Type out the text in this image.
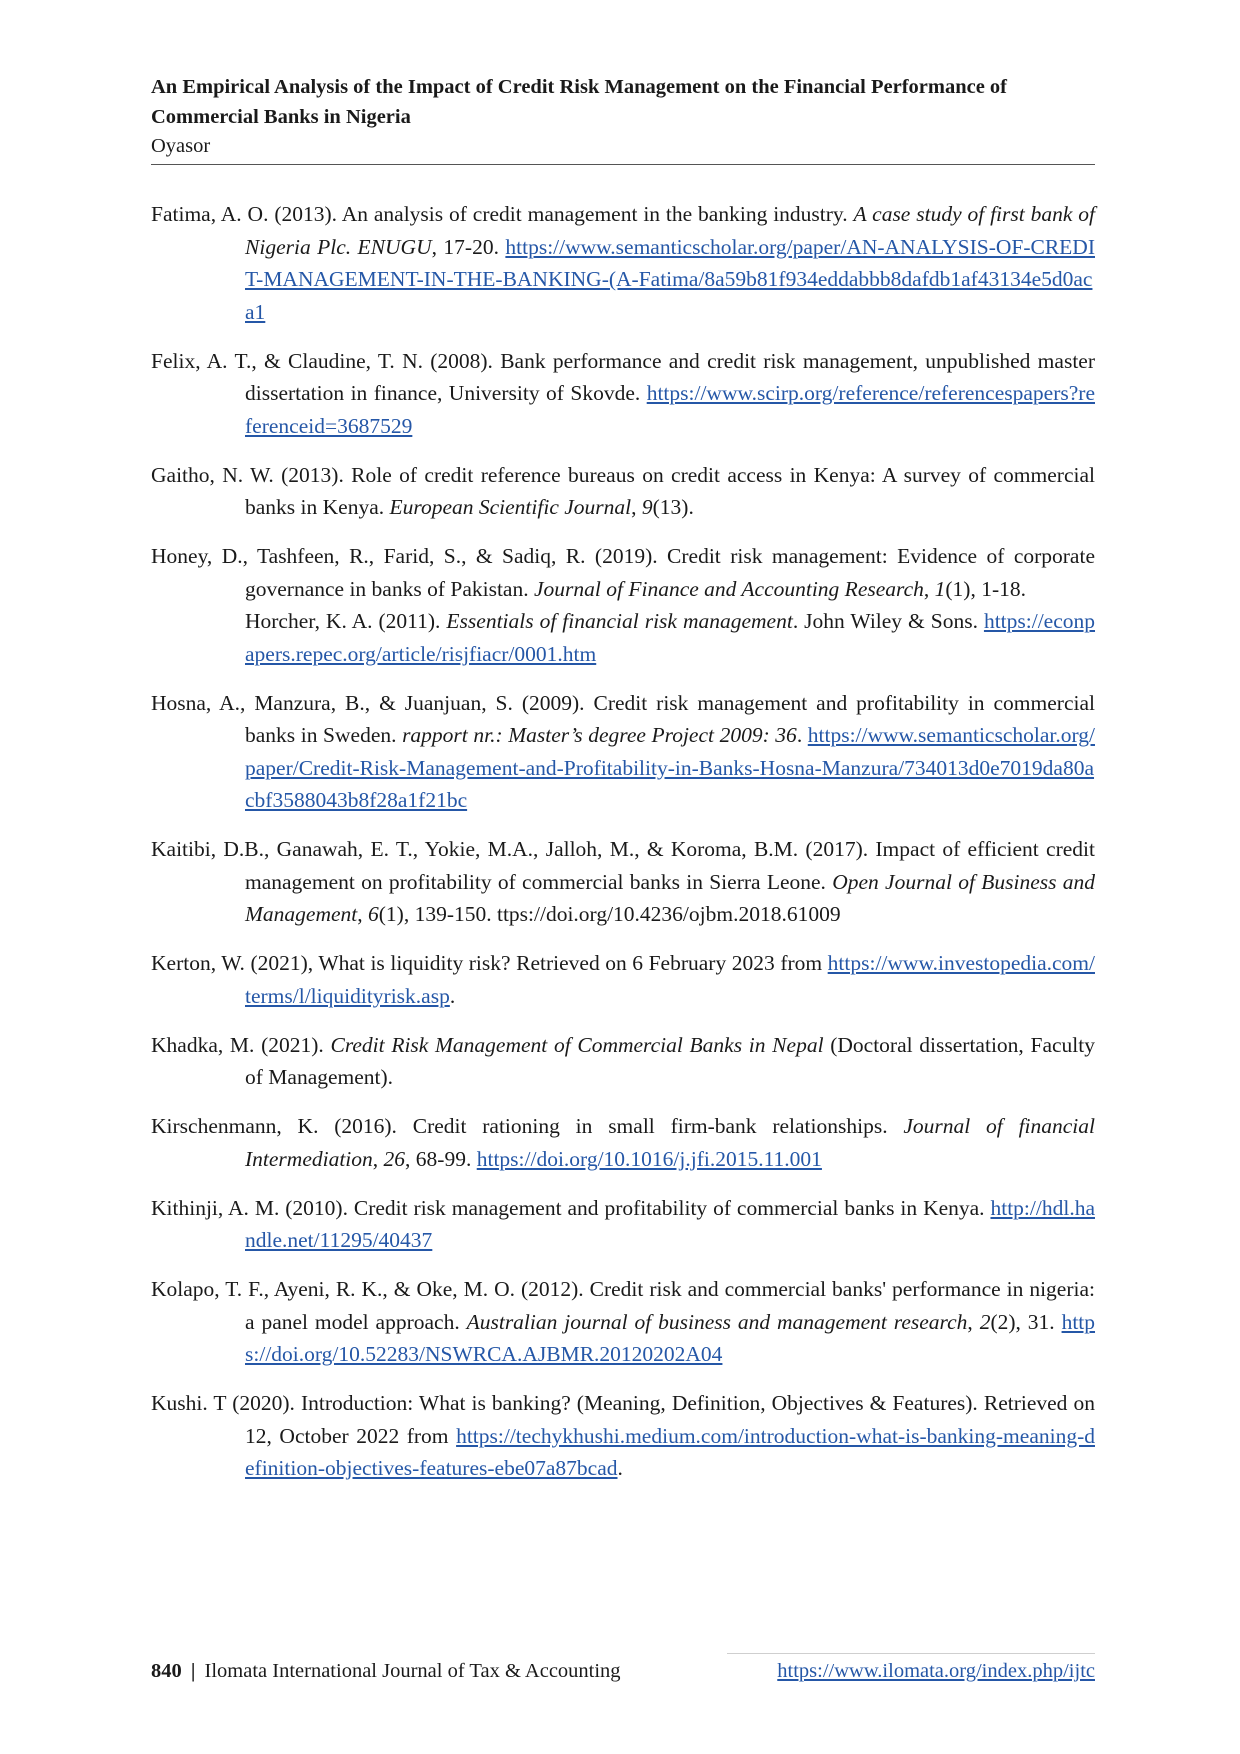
An Empirical Analysis of the Impact of Credit Risk Management on the Financial Performance of Commercial Banks in Nigeria
Oyasor

Fatima, A. O. (2013). An analysis of credit management in the banking industry. A case study of first bank of Nigeria Plc. ENUGU, 17-20. https://www.semanticscholar.org/paper/AN-ANALYSIS-OF-CREDIT-MANAGEMENT-IN-THE-BANKING-(A-Fatima/8a59b81f934eddabbb8dafdb1af43134e5d0aca1

Felix, A. T., & Claudine, T. N. (2008). Bank performance and credit risk management, unpublished master dissertation in finance, University of Skovde. https://www.scirp.org/reference/referencespapers?referenceid=3687529

Gaitho, N. W. (2013). Role of credit reference bureaus on credit access in Kenya: A survey of commercial banks in Kenya. European Scientific Journal, 9(13).

Honey, D., Tashfeen, R., Farid, S., & Sadiq, R. (2019). Credit risk management: Evidence of corporate governance in banks of Pakistan. Journal of Finance and Accounting Research, 1(1), 1-18.
Horcher, K. A. (2011). Essentials of financial risk management. John Wiley & Sons. https://econpapers.repec.org/article/risjfiacr/0001.htm

Hosna, A., Manzura, B., & Juanjuan, S. (2009). Credit risk management and profitability in commercial banks in Sweden. rapport nr.: Master’s degree Project 2009: 36. https://www.semanticscholar.org/paper/Credit-Risk-Management-and-Profitability-in-Banks-Hosna-Manzura/734013d0e7019da80acbf3588043b8f28a1f21bc

Kaitibi, D.B., Ganawah, E. T., Yokie, M.A., Jalloh, M., & Koroma, B.M. (2017). Impact of efficient credit management on profitability of commercial banks in Sierra Leone. Open Journal of Business and Management, 6(1), 139-150. ttps://doi.org/10.4236/ojbm.2018.61009

Kerton, W. (2021), What is liquidity risk? Retrieved on 6 February 2023 from https://www.investopedia.com/terms/l/liquidityrisk.asp.

Khadka, M. (2021). Credit Risk Management of Commercial Banks in Nepal (Doctoral dissertation, Faculty of Management).

Kirschenmann, K. (2016). Credit rationing in small firm-bank relationships. Journal of financial Intermediation, 26, 68-99. https://doi.org/10.1016/j.jfi.2015.11.001

Kithinji, A. M. (2010). Credit risk management and profitability of commercial banks in Kenya. http://hdl.handle.net/11295/40437

Kolapo, T. F., Ayeni, R. K., & Oke, M. O. (2012). Credit risk and commercial banks' performance in nigeria: a panel model approach. Australian journal of business and management research, 2(2), 31. https://doi.org/10.52283/NSWRCA.AJBMR.20120202A04

Kushi. T (2020). Introduction: What is banking? (Meaning, Definition, Objectives & Features). Retrieved on 12, October 2022 from https://techykhushi.medium.com/introduction-what-is-banking-meaning-definition-objectives-features-ebe07a87bcad.

840 | Ilomata International Journal of Tax & Accounting	https://www.ilomata.org/index.php/ijtc
